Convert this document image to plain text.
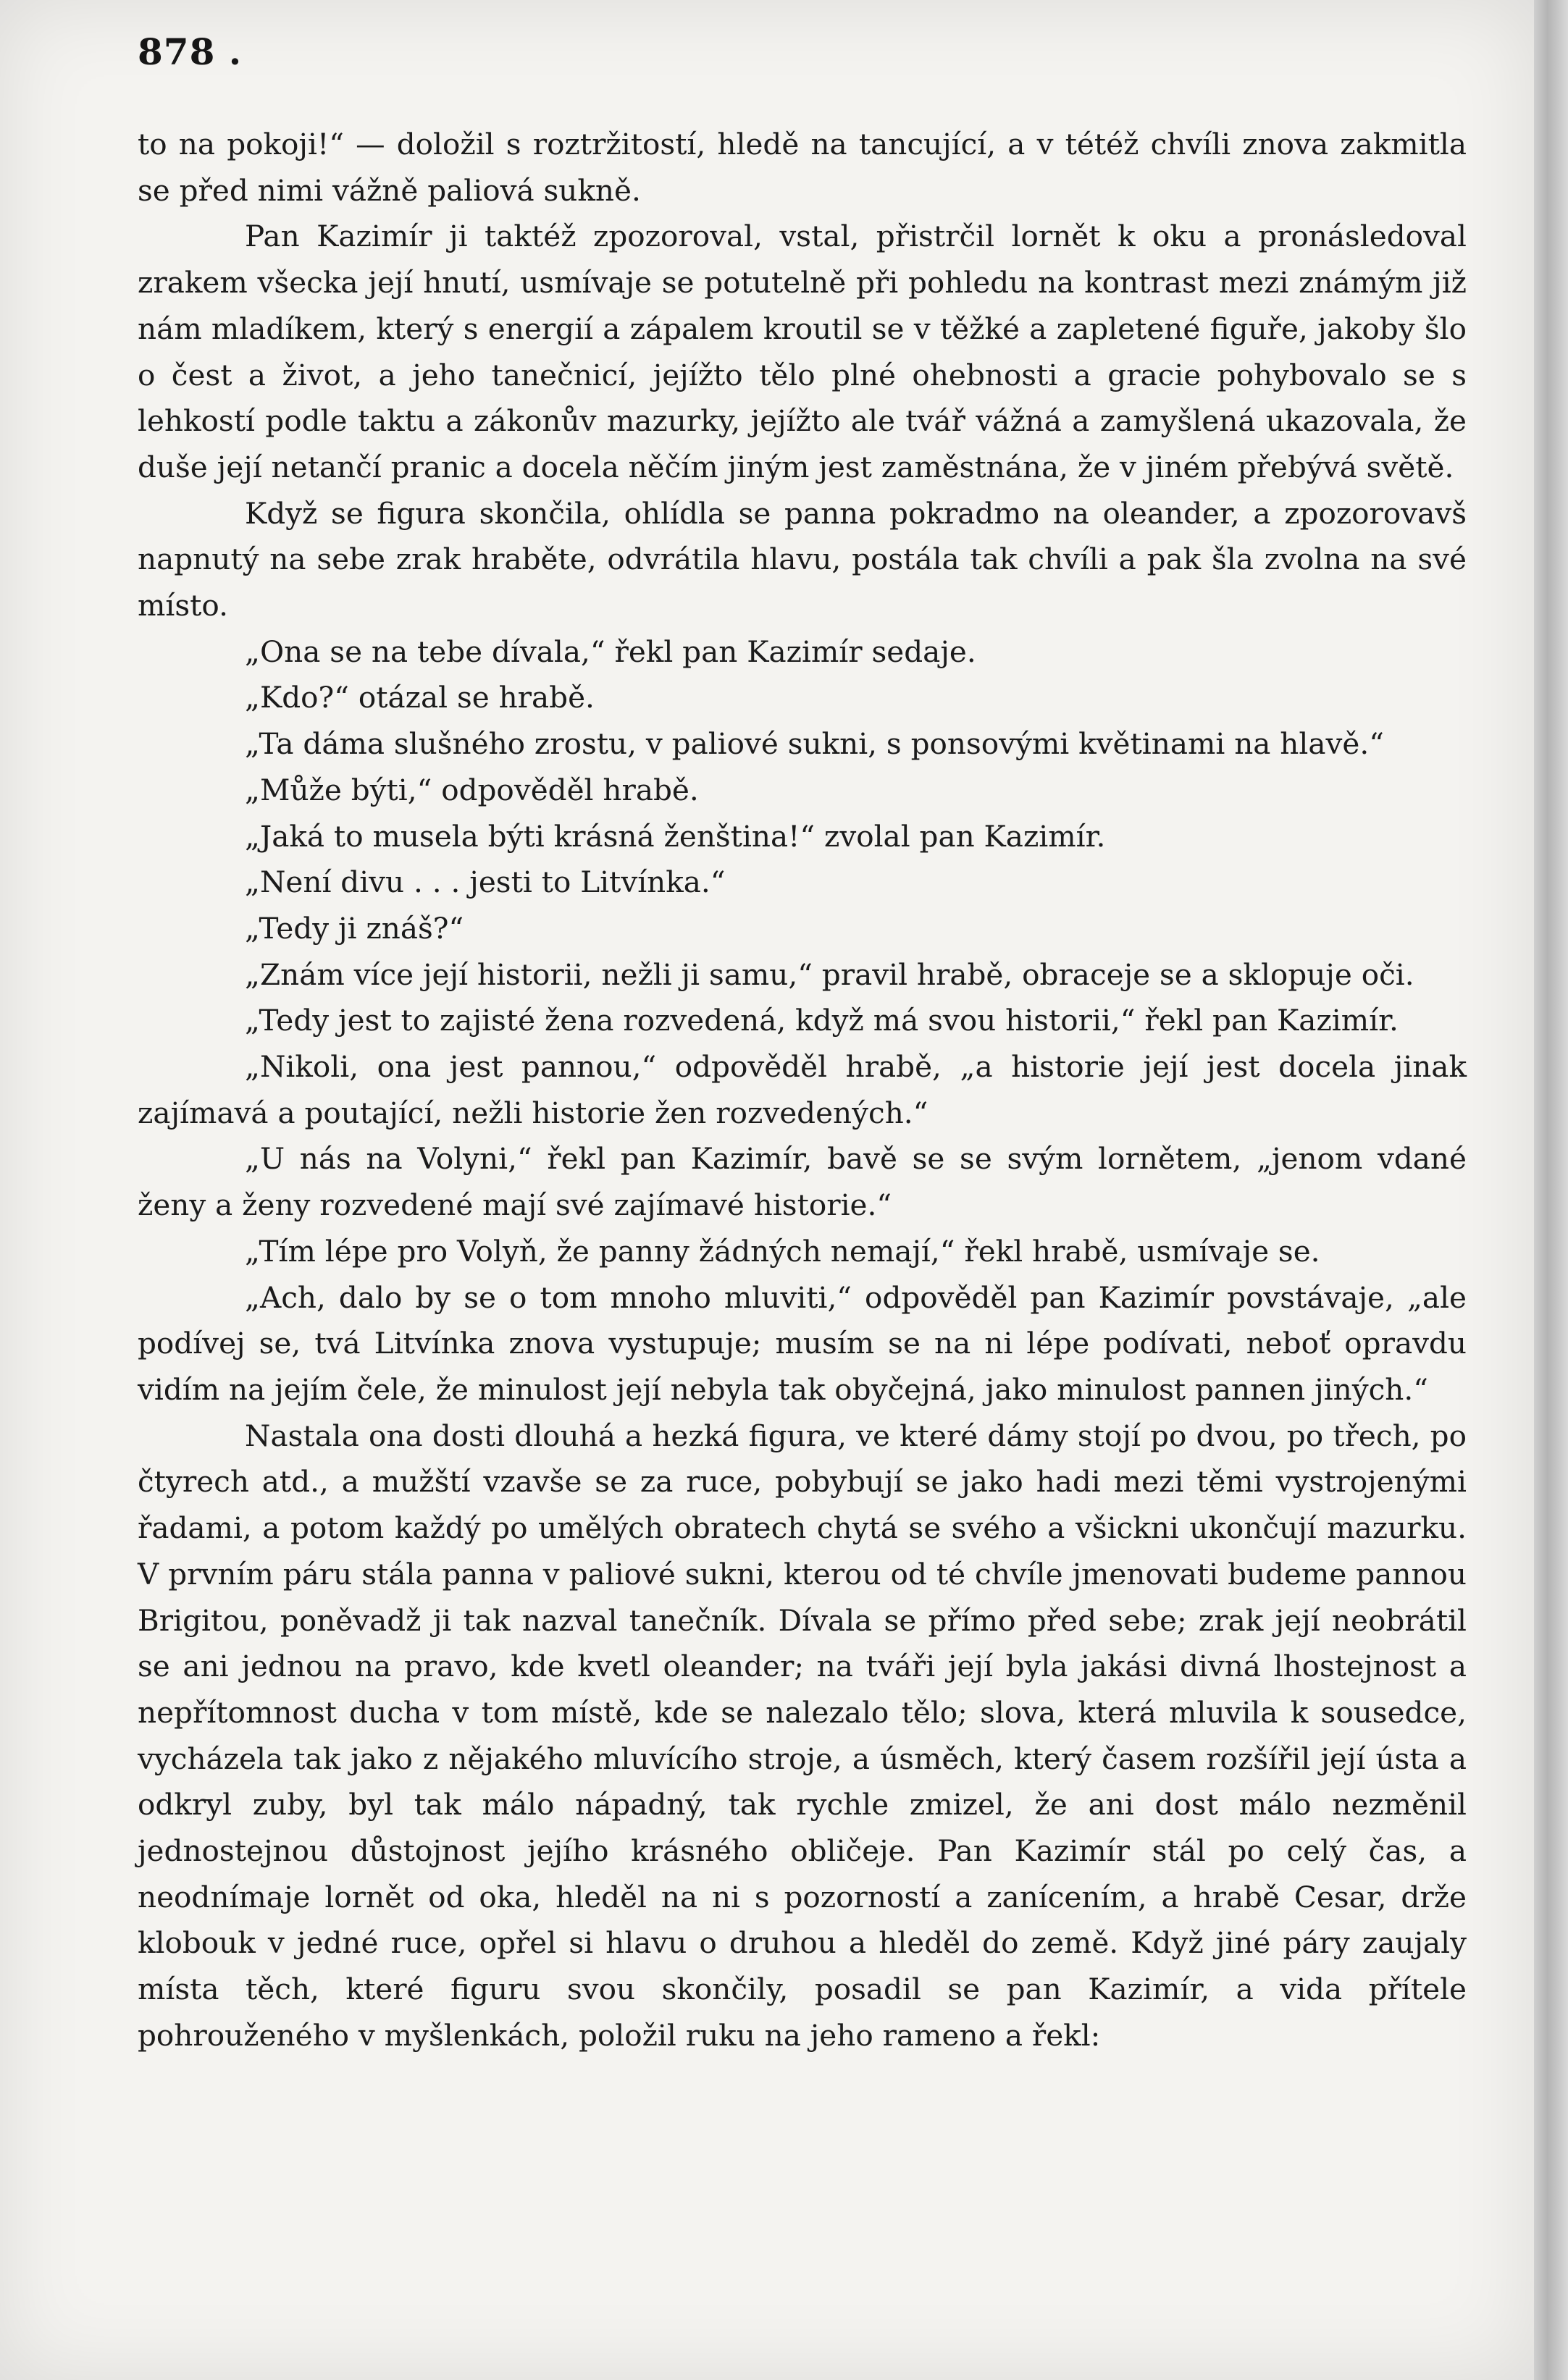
878 .

to na pokoji!“ — doložil s roztržitostí, hledě na tancující, a v tétéž chvíli znova zakmitla se před nimi vážně paliová sukně.

Pan Kazimír ji taktéž zpozoroval, vstal, přistrčil lornět k oku a pronásledoval zrakem všecka její hnutí, usmívaje se potutelně při pohledu na kontrast mezi známým již nám mladíkem, který s energií a zápalem kroutil se v těžké a zapletené figuře, jakoby šlo o čest a život, a jeho tanečnicí, jejížto tělo plné ohebnosti a gracie pohybovalo se s lehkostí podle taktu a zákonův mazurky, jejížto ale tvář vážná a zamyšlená ukazovala, že duše její netančí pranic a docela něčím jiným jest zaměstnána, že v jiném přebývá světě.

Když se figura skončila, ohlídla se panna pokradmo na oleander, a zpozorovavš napnutý na sebe zrak hraběte, odvrátila hlavu, postála tak chvíli a pak šla zvolna na své místo.

„Ona se na tebe dívala,“ řekl pan Kazimír sedaje.

„Kdo?“ otázal se hrabě.

„Ta dáma slušného zrostu, v paliové sukni, s ponsovými květinami na hlavě.“

„Může býti,“ odpověděl hrabě.

„Jaká to musela býti krásná ženština!“ zvolal pan Kazimír.

„Není divu . . . jesti to Litvínka.“

„Tedy ji znáš?“

„Znám více její historii, nežli ji samu,“ pravil hrabě, obraceje se a sklopuje oči.

„Tedy jest to zajisté žena rozvedená, když má svou historii,“ řekl pan Kazimír.

„Nikoli, ona jest pannou,“ odpověděl hrabě, „a historie její jest docela jinak zajímavá a poutající, nežli historie žen rozvedených.“

„U nás na Volyni,“ řekl pan Kazimír, bavě se se svým lornětem, „jenom vdané ženy a ženy rozvedené mají své zajímavé historie.“

„Tím lépe pro Volyň, že panny žádných nemají,“ řekl hrabě, usmívaje se.

„Ach, dalo by se o tom mnoho mluviti,“ odpověděl pan Kazimír povstávaje, „ale podívej se, tvá Litvínka znova vystupuje; musím se na ni lépe podívati, neboť opravdu vidím na jejím čele, že minulost její nebyla tak obyčejná, jako minulost pannen jiných.“

Nastala ona dosti dlouhá a hezká figura, ve které dámy stojí po dvou, po třech, po čtyrech atd., a mužští vzavše se za ruce, pobybují se jako hadi mezi těmi vystrojenými řadami, a potom každý po umělých obratech chytá se svého a všickni ukončují mazurku. V prvním páru stála panna v paliové sukni, kterou od té chvíle jmenovati budeme pannou Brigitou, poněvadž ji tak nazval tanečník. Dívala se přímo před sebe; zrak její neobrátil se ani jednou na pravo, kde kvetl oleander; na tváři její byla jakási divná lhostejnost a nepřítomnost ducha v tom místě, kde se nalezalo tělo; slova, která mluvila k sousedce, vycházela tak jako z nějakého mluvícího stroje, a úsměch, který časem rozšířil její ústa a odkryl zuby, byl tak málo nápadný, tak rychle zmizel, že ani dost málo nezměnil jednostejnou důstojnost jejího krásného obličeje. Pan Kazimír stál po celý čas, a neodnímaje lornět od oka, hleděl na ni s pozorností a zanícením, a hrabě Cesar, drže klobouk v jedné ruce, opřel si hlavu o druhou a hleděl do země. Když jiné páry zaujaly místa těch, které figuru svou skončily, posadil se pan Kazimír, a vida přítele pohrouženého v myšlenkách, položil ruku na jeho rameno a řekl:
